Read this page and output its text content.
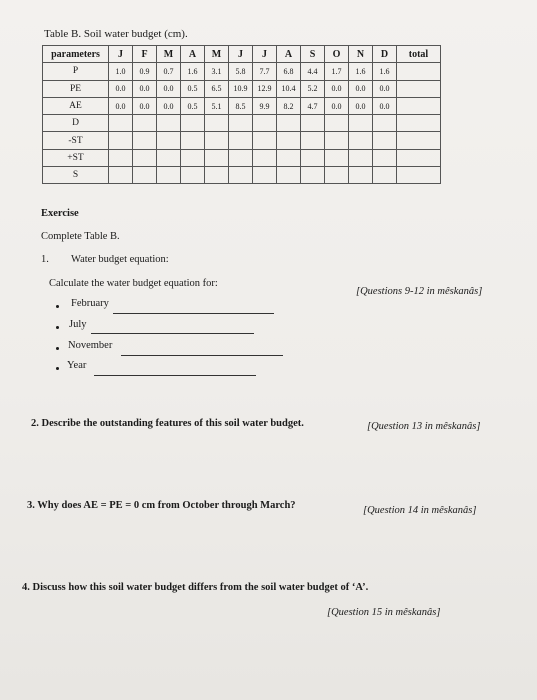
Table B. Soil water budget (cm).
parameters	J	F	M	A	M	J	J	A	S	O	N	D	total
P	1.0	0.9	0.7	1.6	3.1	5.8	7.7	6.8	4.4	1.7	1.6	1.6	
PE	0.0	0.0	0.0	0.5	6.5	10.9	12.9	10.4	5.2	0.0	0.0	0.0	
AE	0.0	0.0	0.0	0.5	5.1	8.5	9.9	8.2	4.7	0.0	0.0	0.0	
D													
-ST													
+ST													
S													
Exercise
Complete Table B.
1. Water budget equation:
Calculate the water budget equation for:
[Questions 9-12 in mêskanâs]
February
July
November
Year
2. Describe the outstanding features of this soil water budget.	[Question 13 in mêskanâs]
3. Why does AE = PE = 0 cm from October through March?	[Question 14 in mêskanâs]
4. Discuss how this soil water budget differs from the soil water budget of ‘A’.
[Question 15 in mêskanâs]
